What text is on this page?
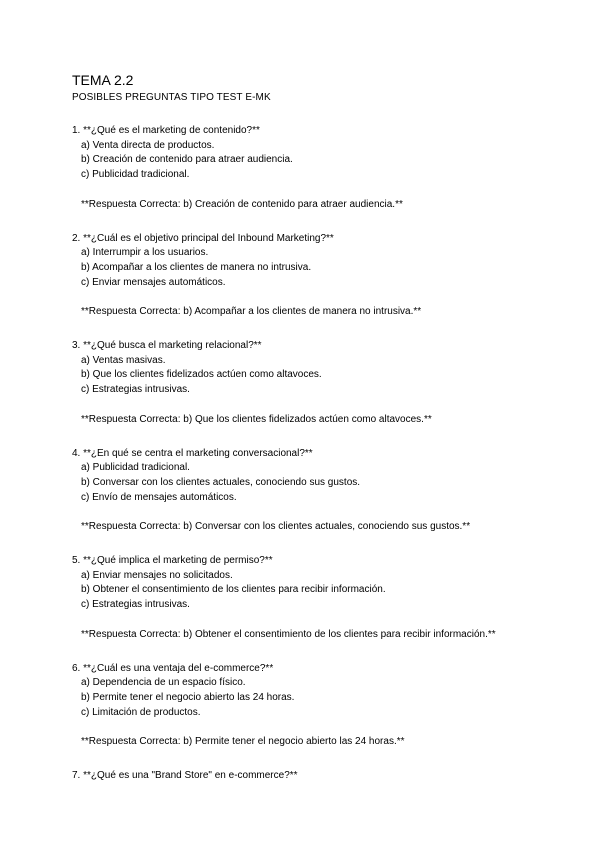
TEMA 2.2
POSIBLES PREGUNTAS TIPO TEST E-MK
1. **¿Qué es el marketing de contenido?**
a) Venta directa de productos.
b) Creación de contenido para atraer audiencia.
c) Publicidad tradicional.
**Respuesta Correcta: b) Creación de contenido para atraer audiencia.**
2. **¿Cuál es el objetivo principal del Inbound Marketing?**
a) Interrumpir a los usuarios.
b) Acompañar a los clientes de manera no intrusiva.
c) Enviar mensajes automáticos.
**Respuesta Correcta: b) Acompañar a los clientes de manera no intrusiva.**
3. **¿Qué busca el marketing relacional?**
a) Ventas masivas.
b) Que los clientes fidelizados actúen como altavoces.
c) Estrategias intrusivas.
**Respuesta Correcta: b) Que los clientes fidelizados actúen como altavoces.**
4. **¿En qué se centra el marketing conversacional?**
a) Publicidad tradicional.
b) Conversar con los clientes actuales, conociendo sus gustos.
c) Envío de mensajes automáticos.
**Respuesta Correcta: b) Conversar con los clientes actuales, conociendo sus gustos.**
5. **¿Qué implica el marketing de permiso?**
a) Enviar mensajes no solicitados.
b) Obtener el consentimiento de los clientes para recibir información.
c) Estrategias intrusivas.
**Respuesta Correcta: b) Obtener el consentimiento de los clientes para recibir información.**
6. **¿Cuál es una ventaja del e-commerce?**
a) Dependencia de un espacio físico.
b) Permite tener el negocio abierto las 24 horas.
c) Limitación de productos.
**Respuesta Correcta: b) Permite tener el negocio abierto las 24 horas.**
7. **¿Qué es una "Brand Store" en e-commerce?**
